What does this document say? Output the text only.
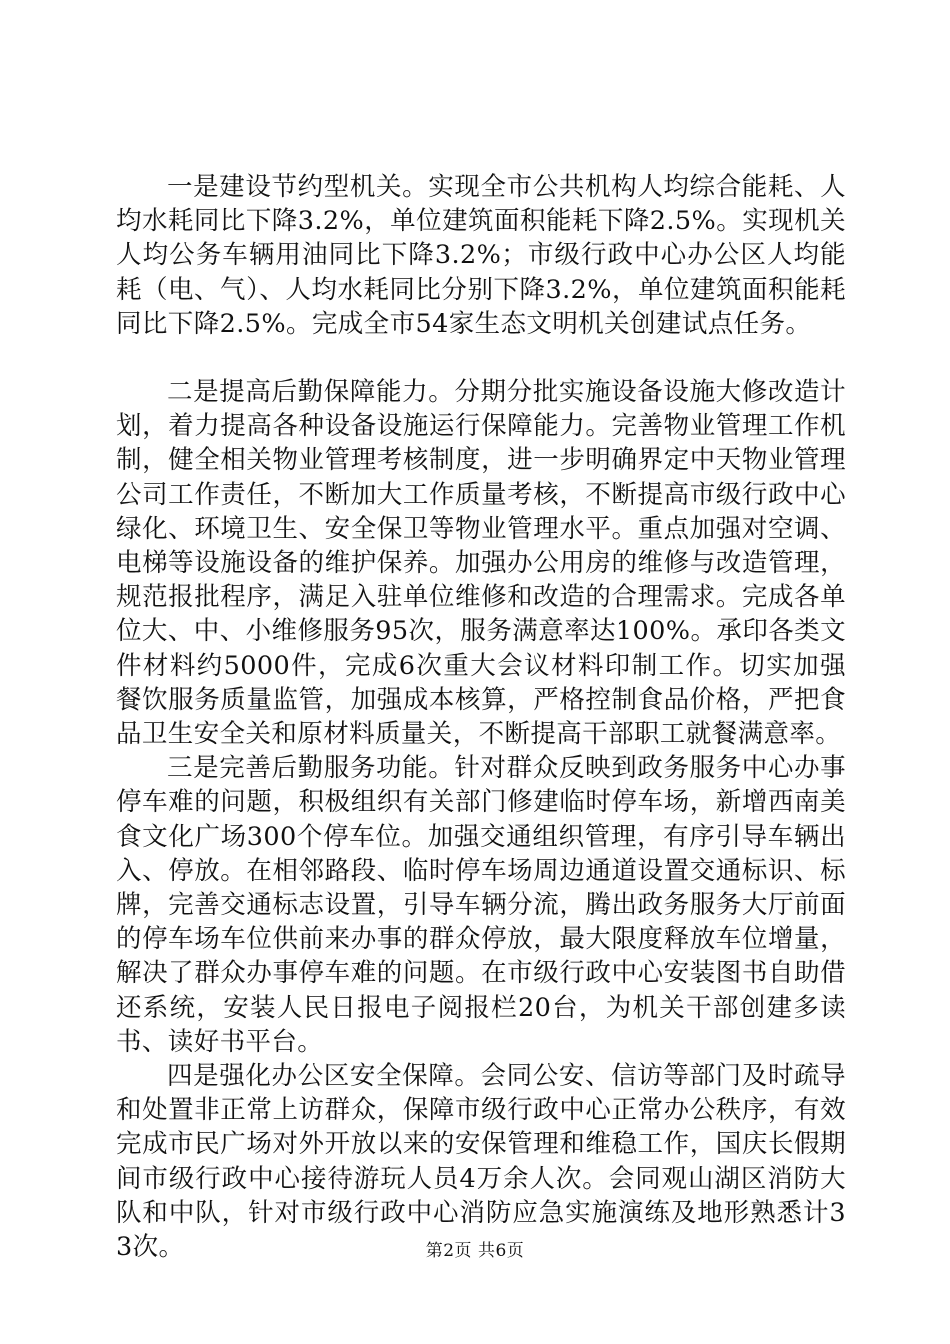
一是建设节约型机关。实现全市公共机构人均综合能耗、人均水耗同比下降3.2%，单位建筑面积能耗下降2.5%。实现机关人均公务车辆用油同比下降3.2%；市级行政中心办公区人均能耗（电、气）、人均水耗同比分别下降3.2%，单位建筑面积能耗同比下降2.5%。完成全市54家生态文明机关创建试点任务。

二是提高后勤保障能力。分期分批实施设备设施大修改造计划，着力提高各种设备设施运行保障能力。完善物业管理工作机制，健全相关物业管理考核制度，进一步明确界定中天物业管理公司工作责任，不断加大工作质量考核，不断提高市级行政中心绿化、环境卫生、安全保卫等物业管理水平。重点加强对空调、电梯等设施设备的维护保养。加强办公用房的维修与改造管理，规范报批程序，满足入驻单位维修和改造的合理需求。完成各单位大、中、小维修服务95次，服务满意率达100%。承印各类文件材料约5000件，完成6次重大会议材料印制工作。切实加强餐饮服务质量监管，加强成本核算，严格控制食品价格，严把食品卫生安全关和原材料质量关，不断提高干部职工就餐满意率。

三是完善后勤服务功能。针对群众反映到政务服务中心办事停车难的问题，积极组织有关部门修建临时停车场，新增西南美食文化广场300个停车位。加强交通组织管理，有序引导车辆出入、停放。在相邻路段、临时停车场周边通道设置交通标识、标牌，完善交通标志设置，引导车辆分流，腾出政务服务大厅前面的停车场车位供前来办事的群众停放，最大限度释放车位增量，解决了群众办事停车难的问题。在市级行政中心安装图书自助借还系统，安装人民日报电子阅报栏20台，为机关干部创建多读书、读好书平台。

四是强化办公区安全保障。会同公安、信访等部门及时疏导和处置非正常上访群众，保障市级行政中心正常办公秩序，有效完成市民广场对外开放以来的安保管理和维稳工作，国庆长假期间市级行政中心接待游玩人员4万余人次。会同观山湖区消防大队和中队，针对市级行政中心消防应急实施演练及地形熟悉计33次。	第2页 共6页
